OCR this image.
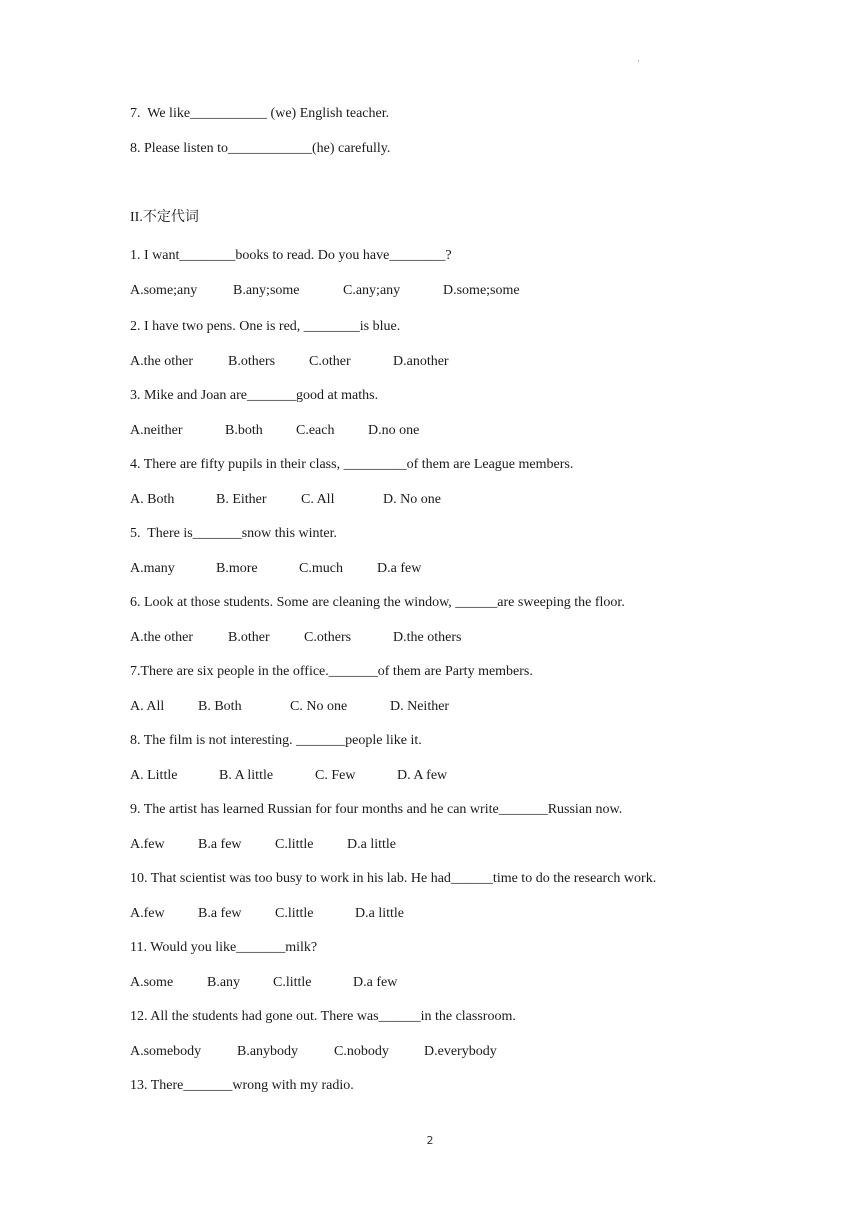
·
7.  We like___________ (we) English teacher.
8. Please listen to____________(he) carefully.
II.不定代词
1. I want________books to read. Do you have________?
A.some;any	B.any;some	C.any;any	D.some;some
2. I have two pens. One is red, ________is blue.
A.the other	B.others C.other	D.another
3. Mike and Joan are_______good at maths.
A.neither	B.both C.each D.no one
4. There are fifty pupils in their class, _________of them are League members.
A. Both	B. Either C. All	D. No one
5.  There is_______snow this winter.
A.many	B.more	C.much D.a few
6. Look at those students. Some are cleaning the window, ______are sweeping the floor.
A.the other	B.other C.others	D.the others
7.There are six people in the office._______of them are Party members.
A. All B. Both	C. No one	D. Neither
8. The film is not interesting. _______people like it.
A. Little	B. A little	C. Few	D. A few
9. The artist has learned Russian for four months and he can write_______Russian now.
A.few B.a few C.little D.a little
10. That scientist was too busy to work in his lab. He had______time to do the research work.
A.few B.a few C.little	D.a little
11. Would you like_______milk?
A.some B.any C.little	D.a few
12. All the students had gone out. There was______in the classroom.
A.somebody	B.anybody	C.nobody	D.everybody
13. There_______wrong with my radio.
2
